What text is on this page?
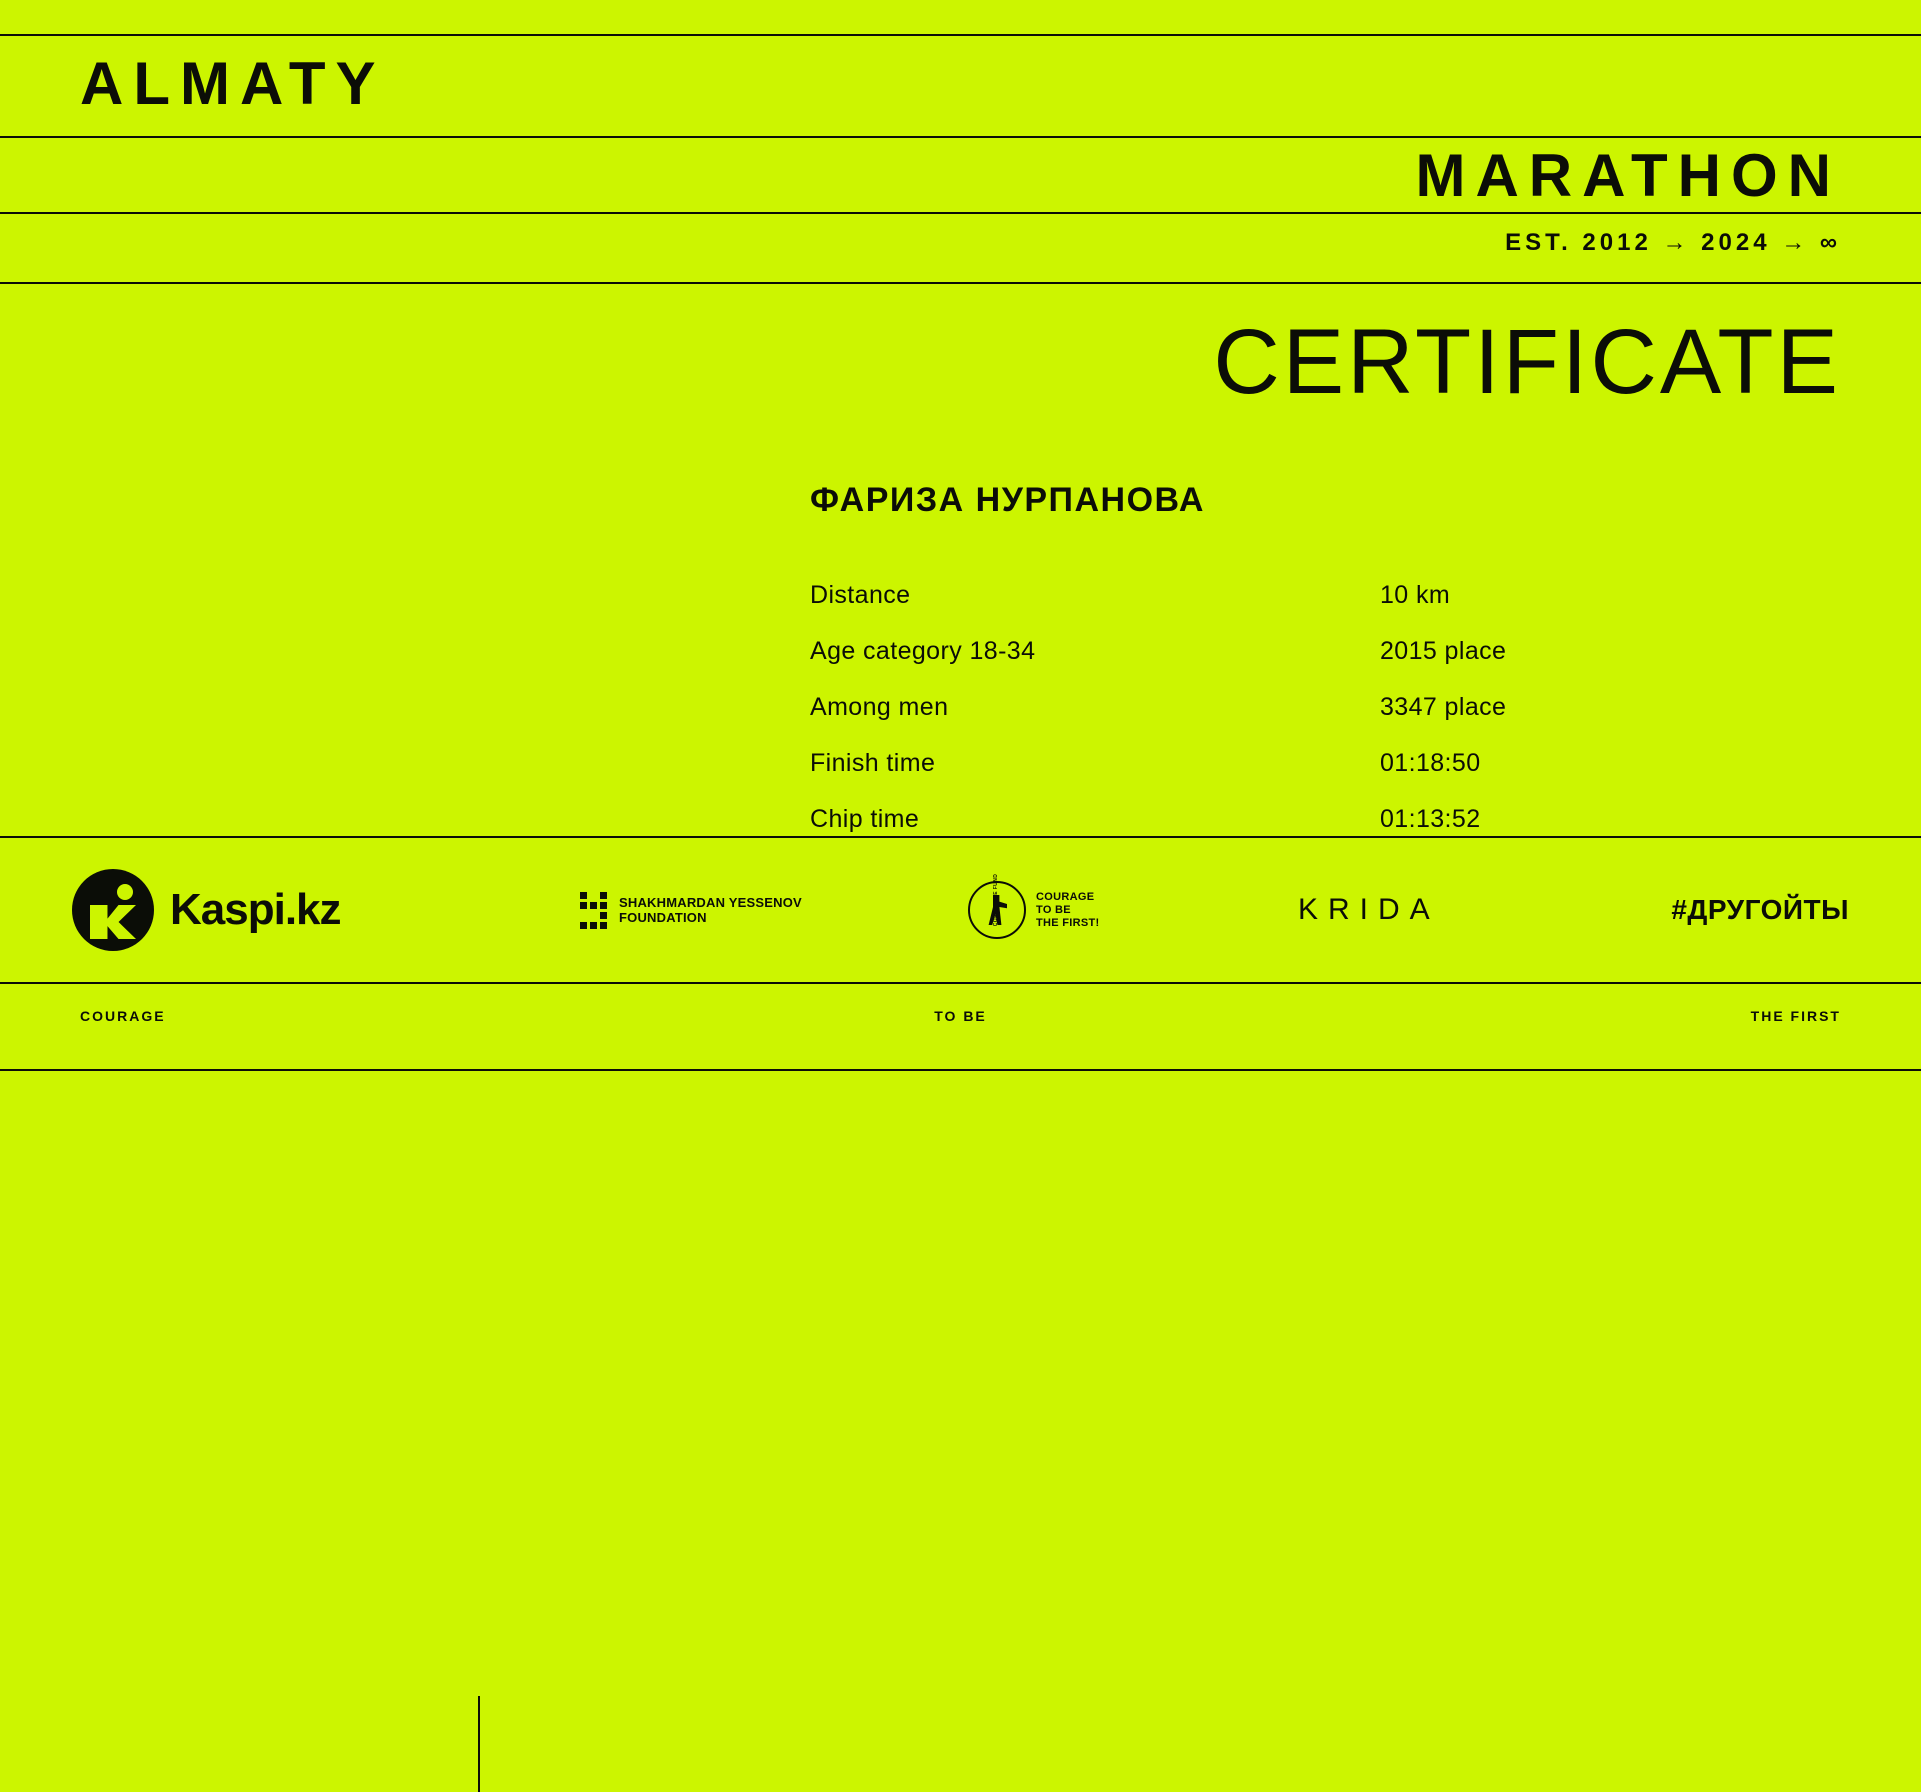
ALMATY
MARATHON
EST. 2012 → 2024 → ∞
CERTIFICATE
ФАРИЗА НУРПАНОВА
Distance	10 km
Age category 18-34	2015 place
Among men	3347 place
Finish time	01:18:50
Chip time	01:13:52
Kaspi.kz	SHAKHMARDAN YESSENOV
FOUNDATION
COURAGE
TO BE
THE FIRST!	KRIDA	#ДРУГОЙТЫ
COURAGE	TO BE	THE FIRST
